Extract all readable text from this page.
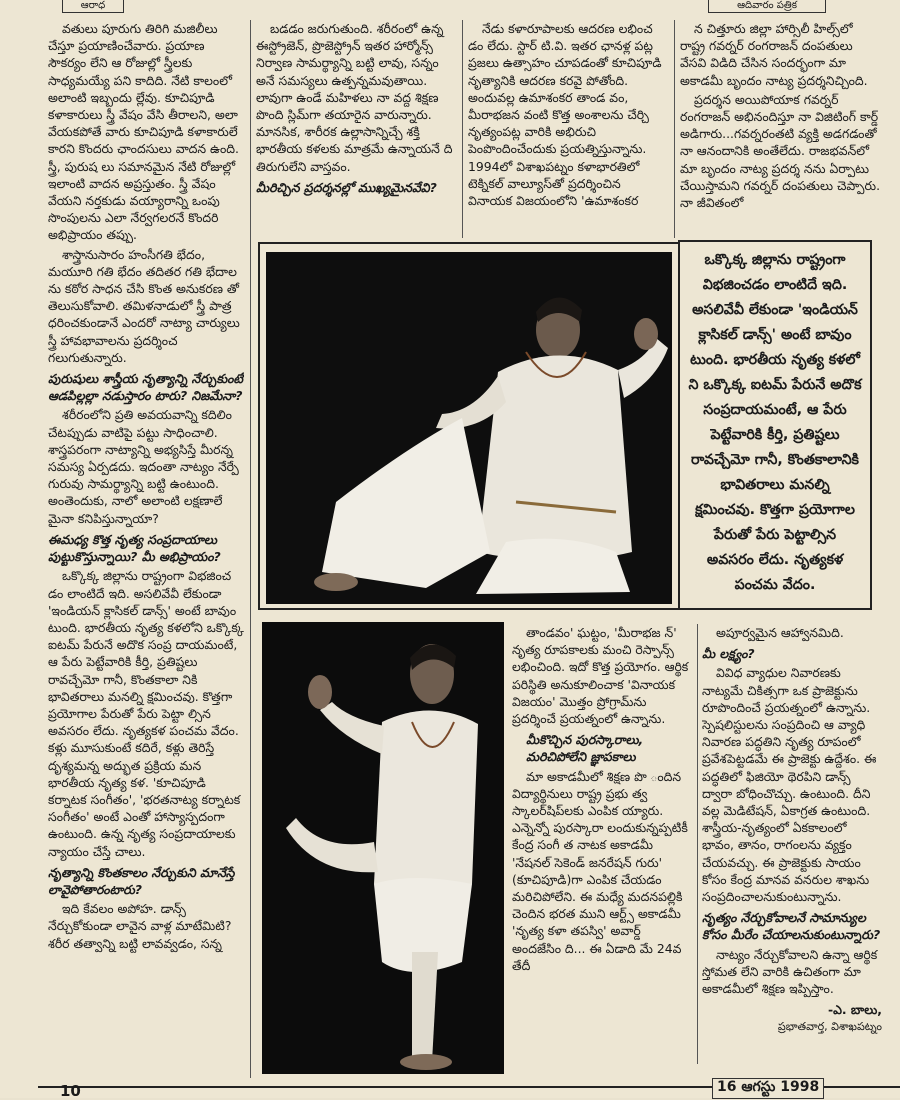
ఆరాధ	ఆదివారం పత్రిక

వతులు పూరుగు తిరిగి మజిలీలు చేస్తూ ప్రయాణించేవారు. ప్రయాణ సౌకర్యం లేని ఆ రోజుల్లో స్త్రీలకు సాధ్యమయ్యే పని కాదిది. నేటి కాలంలో అలాంటి ఇబ్బందు ల్లేవు. కూచిపూడి కళాకారులు స్త్రీ వేషం వేసి తీరాలని, అలా వేయకపోతే వారు కూచిపూడి కళాకారులే కారని కొందరు ఛాందసులు వాదన ఉంది. స్త్రీ, పురుష లు సమానమైన నేటి రోజుల్లో ఇలాంటి వాదన అప్రస్తుతం. స్త్రీ వేషం వేయని నర్తకుడు వయ్యారాన్ని ఒంపు సొంపులను ఎలా నేర్వగలరనే కొందరి అభిప్రాయం తప్పు.

శాస్త్రానుసారం హంసీగతి భేదం, మయూరి గతి భేదం తదితర గతి భేదాల ను కఠోర సాధన చేసి కొంత అనుకరణ తో తెలుసుకోవాలి. తమిళనాడులో స్త్రీ పాత్ర ధరించకుండానే ఎందరో నాట్యా చార్యులు స్త్రీ హావభావాలను ప్రదర్శించ గలుగుతున్నారు.

పురుషులు శాస్త్రీయ నృత్యాన్ని నేర్చుకుంటే ఆడపిల్లల్లా నడుస్తారం టారు? నిజమేనా?

శరీరంలోని ప్రతి అవయవాన్ని కదిలిం చేటప్పుడు వాటిపై పట్టు సాధించాలి. శాస్త్రపరంగా నాట్యాన్ని అభ్యసిస్తే మీరన్న సమస్య ఏర్పడదు. ఇదంతా నాట్యం నేర్పే గురువు సామర్థ్యాన్ని బట్టి ఉంటుంది. అంతెందుకు, నాలో అలాంటి లక్షణాలే మైనా కనిపిస్తున్నాయా?

ఈమధ్య కొత్త నృత్య సంప్రదాయాలు పుట్టుకొస్తున్నాయి? మీ అభిప్రాయం?

ఒక్కొక్క జిల్లాను రాష్ట్రంగా విభజించ డం లాంటిదే ఇది. అసలివేవీ లేకుండా 'ఇండియన్ క్లాసికల్ డాన్స్' అంటే బావుం టుంది. భారతీయ నృత్య కళలోని ఒక్కొక్క ఐటమ్ పేరునే అదొక సంప్ర దాయమంటే, ఆ పేరు పెట్టేవారికి కీర్తి, ప్రతిష్టలు రావచ్చేమో గానీ, కొంతకాలా నికి భావితరాలు మనల్ని క్షమించవు. కొత్తగా ప్రయోగాల పేరుతో పేరు పెట్టా ల్సిన అవసరం లేదు. నృత్యకళ పంచమ వేదం. కళ్లు మూసుకుంటే కదిరే, కళ్లు తెరిస్తే దృశ్యమన్న అద్భుత ప్రక్రియ మన భారతీయ నృత్య కళ. 'కూచిపూడి కర్నాటక సంగీతం', 'భరతనాట్య కర్నాటక సంగీతం' అంటే ఎంతో హాస్యాస్పదంగా ఉంటుంది. ఉన్న నృత్య సంప్రదాయాలకు న్యాయం చేస్తే చాలు.

నృత్యాన్ని కొంతకాలం నేర్చుకుని మానేస్తే లావైపోతారంటారు?

ఇది కేవలం అపోహ. డాన్స్ నేర్చుకోకుండా లావైన వాళ్ల మాటేమిటి? శరీర తత్వాన్ని బట్టి లావవ్వడం, సన్న

బడడం జరుగుతుంది. శరీరంలో ఉన్న ఈస్ట్రోజెన్, ప్రొజెస్ట్రోన్ ఇతర హార్మోన్స్ నిర్వాణ సామర్థ్యాన్ని బట్టి లావు, సన్నం అనే సమస్యలు ఉత్పన్నమవుతాయి. లావుగా ఉండే మహిళలు నా వద్ద శిక్షణ పొంది స్లిమ్‌గా తయారైన వారున్నారు. మానసిక, శారీరక ఉల్లాసాన్నిచ్చే శక్తి భారతీయ కళలకు మాత్రమే ఉన్నాయనే ది తిరుగులేని వాస్తవం.

మీరిచ్చిన ప్రదర్శనల్లో ముఖ్యమైనవేవి?

నేడు కళారూపాలకు ఆదరణ లభించ డం లేదు. స్టార్ టి.వి. ఇతర ఛానళ్ల పట్ల ప్రజలు ఉత్సాహం చూపడంతో కూచిపూడి నృత్యానికి ఆదరణ కరవై పోతోంది. అందువల్ల ఉమాశంకర తాండ వం, మీరాభజన వంటి కొత్త అంశాలను చేర్చి నృత్యంపట్ల వారికి అభిరుచి పెంపొందించేందుకు ప్రయత్నిస్తున్నాను. 1994లో విశాఖపట్నం కళాభారతిలో టెక్నికల్ వాల్యూస్‌తో ప్రదర్శించిన వినాయక విజయంలోని 'ఉమాశంకర

న చిత్తూరు జిల్లా హార్సిలీ హిల్స్‌లో రాష్ట్ర గవర్నర్ రంగరాజన్ దంపతులు వేసవి విడిది చేసిన సందర్భంగా మా అకాడమీ బృందం నాట్య ప్రదర్శనిచ్చింది.

ప్రదర్శన అయిపోయాక గవర్నర్ రంగరాజన్ అభినందిస్తూ నా విజిటింగ్ కార్డ్ అడిగారు...గవర్నరంతటి వ్యక్తి అడగడంతో నా ఆనందానికి అంతేలేదు. రాజభవన్‌లో మా బృందం నాట్య ప్రదర్శ నను ఏర్పాటు చేయిస్తామని గవర్నర్ దంపతులు చెప్పారు. నా జీవితంలో

ఒక్కొక్క జిల్లాను రాష్ట్రంగా విభజించడం లాంటిదే ఇది. అసలివేవీ లేకుండా 'ఇండియన్ క్లాసికల్ డాన్స్' అంటే బావుం టుంది. భారతీయ నృత్య కళలో ని ఒక్కొక్క ఐటమ్ పేరునే అదొక సంప్రదాయమంటే, ఆ పేరు పెట్టేవారికి కీర్తి, ప్రతిష్టలు రావచ్చేమో గానీ, కొంతకాలానికి భావితరాలు మనల్ని క్షమించవు. కొత్తగా ప్రయోగాల పేరుతో పేరు పెట్టాల్సిన అవసరం లేదు. నృత్యకళ పంచమ వేదం.

తాండవం' ఘట్టం, 'మీరాభజ న్' నృత్య రూపకాలకు మంచి రెస్పాన్స్ లభించింది. ఇదో కొత్త ప్రయోగం. ఆర్థిక పరిస్థితి అనుకూలించాక 'వినాయక విజయం' మొత్తం ప్రోగ్రామ్‌ను ప్రదర్శించే ప్రయత్నంలో ఉన్నాను.

మీకొచ్చిన పురస్కారాలు, మరిచిపోలేని జ్ఞాపకాలు

మా అకాడమీలో శిక్షణ పొ ందిన విద్యార్థినులు రాష్ట్ర ప్రభు త్వ స్కాలర్‌షిప్‌లకు ఎంపిక య్యారు. ఎన్నెన్నో పురస్కారా లందుకున్నప్పటికీ కేంద్ర సంగీ త నాటక అకాడమీ 'నేషనల్ సెకెండ్ జనరేషన్ గురు' (కూచిపూడి)గా ఎంపిక చేయడం మరిచిపోలేని. ఈ మధ్యే మదనపల్లికి చెందిన భరత ముని ఆర్ట్స్ అకాడమీ 'నృత్య కళా తపస్వి' అవార్డ్ అందజేసిం ది... ఈ ఏడాది మే 24వ తేదీ

అపూర్వమైన ఆహ్వానమిది.

మీ లక్ష్యం?

వివిధ వ్యాధుల నివారణకు నాట్యమే చికిత్సగా ఒక ప్రాజెక్టును రూపొందించే ప్రయత్నంలో ఉన్నాను. స్పెషలిస్టులను సంప్రదించి ఆ వ్యాధి నివారణ పద్ధతిని నృత్య రూపంలో ప్రవేశపెట్టడమే ఈ ప్రాజెక్టు ఉద్దేశం. ఈ పద్ధతిలో ఫిజియో థెరపిని డాన్స్ ద్వారా బోధించొచ్చు. ఉంటుంది. దీని వల్ల మెడిటేషన్, ఏకాగ్రత ఉంటుంది. శాస్త్రీయ-నృత్యంలో ఏకకాలంలో భావం, తానం, రాగంలను వ్యక్తం చేయవచ్చు. ఈ ప్రాజెక్టుకు సాయం కోసం కేంద్ర మానవ వనరుల శాఖను సంప్రదించాలనుకుంటున్నాను.

నృత్యం నేర్చుకోవాలనే సామాన్యుల కోసం మీరేం చేయాలనుకుంటున్నారు?

నాట్యం నేర్చుకోవాలని ఉన్నా ఆర్థిక స్తోమత లేని వారికి ఉచితంగా మా అకాడమీలో శిక్షణ ఇప్పిస్తాం.

-ఎ. బాలు,
ప్రభాతవార్త, విశాఖపట్నం
10	16 ఆగస్టు 1998
